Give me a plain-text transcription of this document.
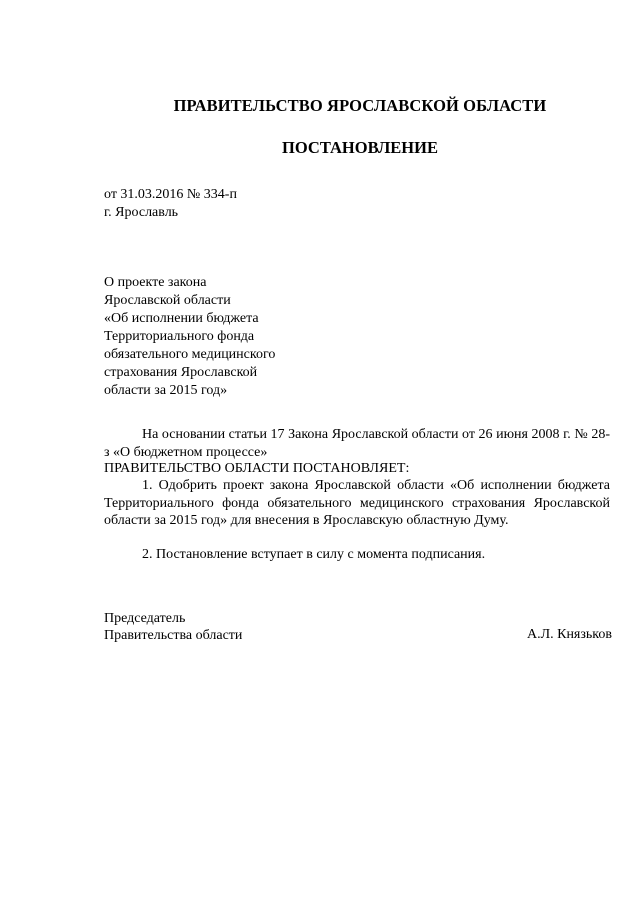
ПРАВИТЕЛЬСТВО ЯРОСЛАВСКОЙ ОБЛАСТИ
ПОСТАНОВЛЕНИЕ
от 31.03.2016 № 334-п
г. Ярославль
О проекте закона
Ярославской области
«Об исполнении бюджета
Территориального фонда
обязательного медицинского
страхования Ярославской
области за 2015 год»
На основании статьи 17 Закона Ярославской области от 26 июня 2008 г. № 28-з «О бюджетном процессе»
ПРАВИТЕЛЬСТВО ОБЛАСТИ ПОСТАНОВЛЯЕТ:
1. Одобрить проект закона Ярославской области «Об исполнении бюджета Территориального фонда обязательного медицинского страхования Ярославской области за 2015 год» для внесения в Ярославскую областную Думу.
2. Постановление вступает в силу с момента подписания.
Председатель
Правительства области	А.Л. Князьков
